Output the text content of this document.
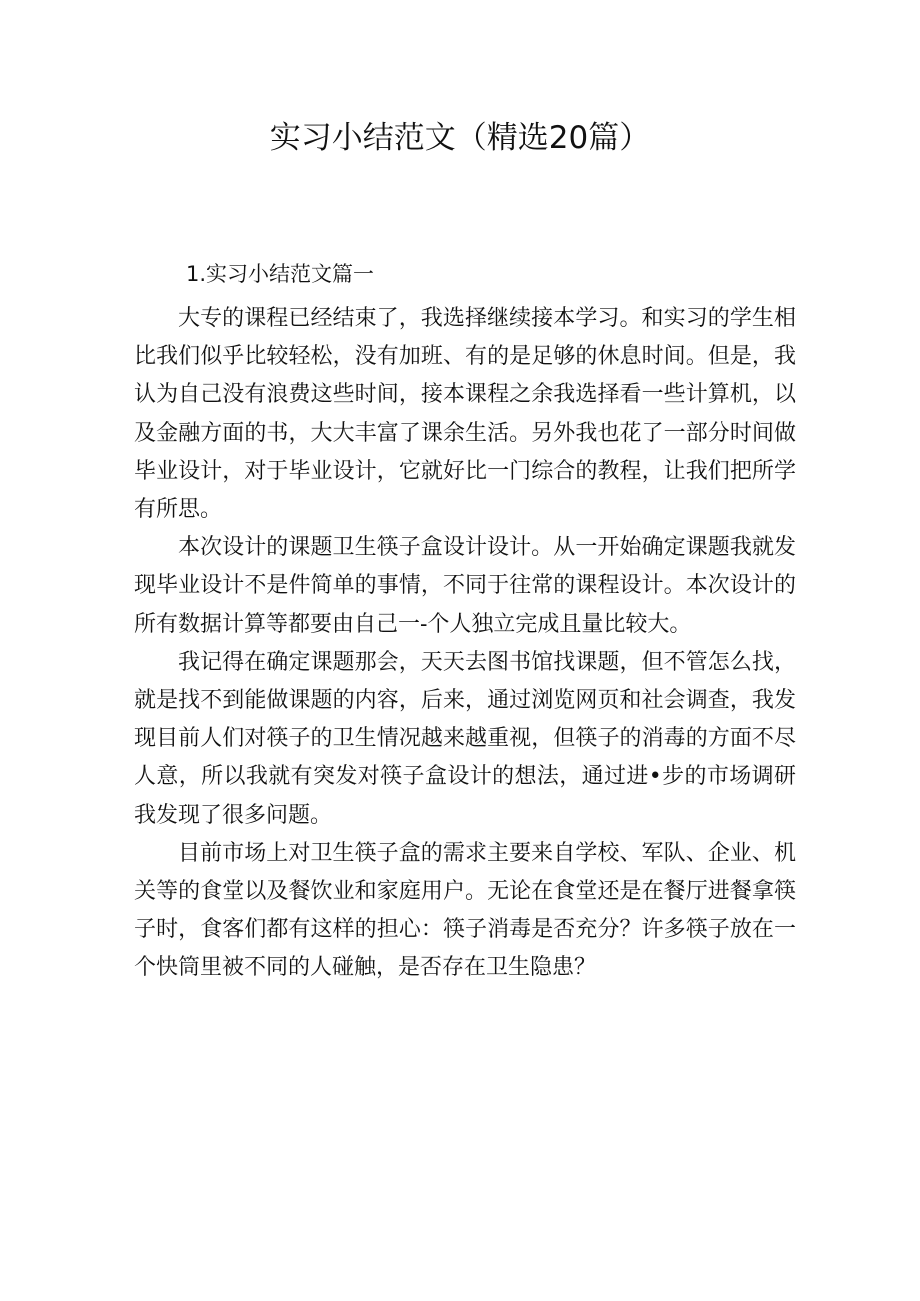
实习小结范文（精选20篇）
1.实习小结范文篇一

大专的课程已经结束了，我选择继续接本学习。和实习的学生相比我们似乎比较轻松，没有加班、有的是足够的休息时间。但是，我认为自己没有浪费这些时间，接本课程之余我选择看一些计算机，以及金融方面的书，大大丰富了课余生活。另外我也花了一部分时间做毕业设计，对于毕业设计，它就好比一门综合的教程，让我们把所学有所思。

本次设计的课题卫生筷子盒设计设计。从一开始确定课题我就发现毕业设计不是件简单的事情，不同于往常的课程设计。本次设计的所有数据计算等都要由自己一-个人独立完成且量比较大。

我记得在确定课题那会，天天去图书馆找课题，但不管怎么找，就是找不到能做课题的内容，后来，通过浏览网页和社会调查，我发现目前人们对筷子的卫生情况越来越重视，但筷子的消毒的方面不尽人意，所以我就有突发对筷子盒设计的想法，通过进•步的市场调研我发现了很多问题。

目前市场上对卫生筷子盒的需求主要来自学校、军队、企业、机关等的食堂以及餐饮业和家庭用户。无论在食堂还是在餐厅进餐拿筷子时，食客们都有这样的担心：筷子消毒是否充分？许多筷子放在一个快筒里被不同的人碰触，是否存在卫生隐患？
